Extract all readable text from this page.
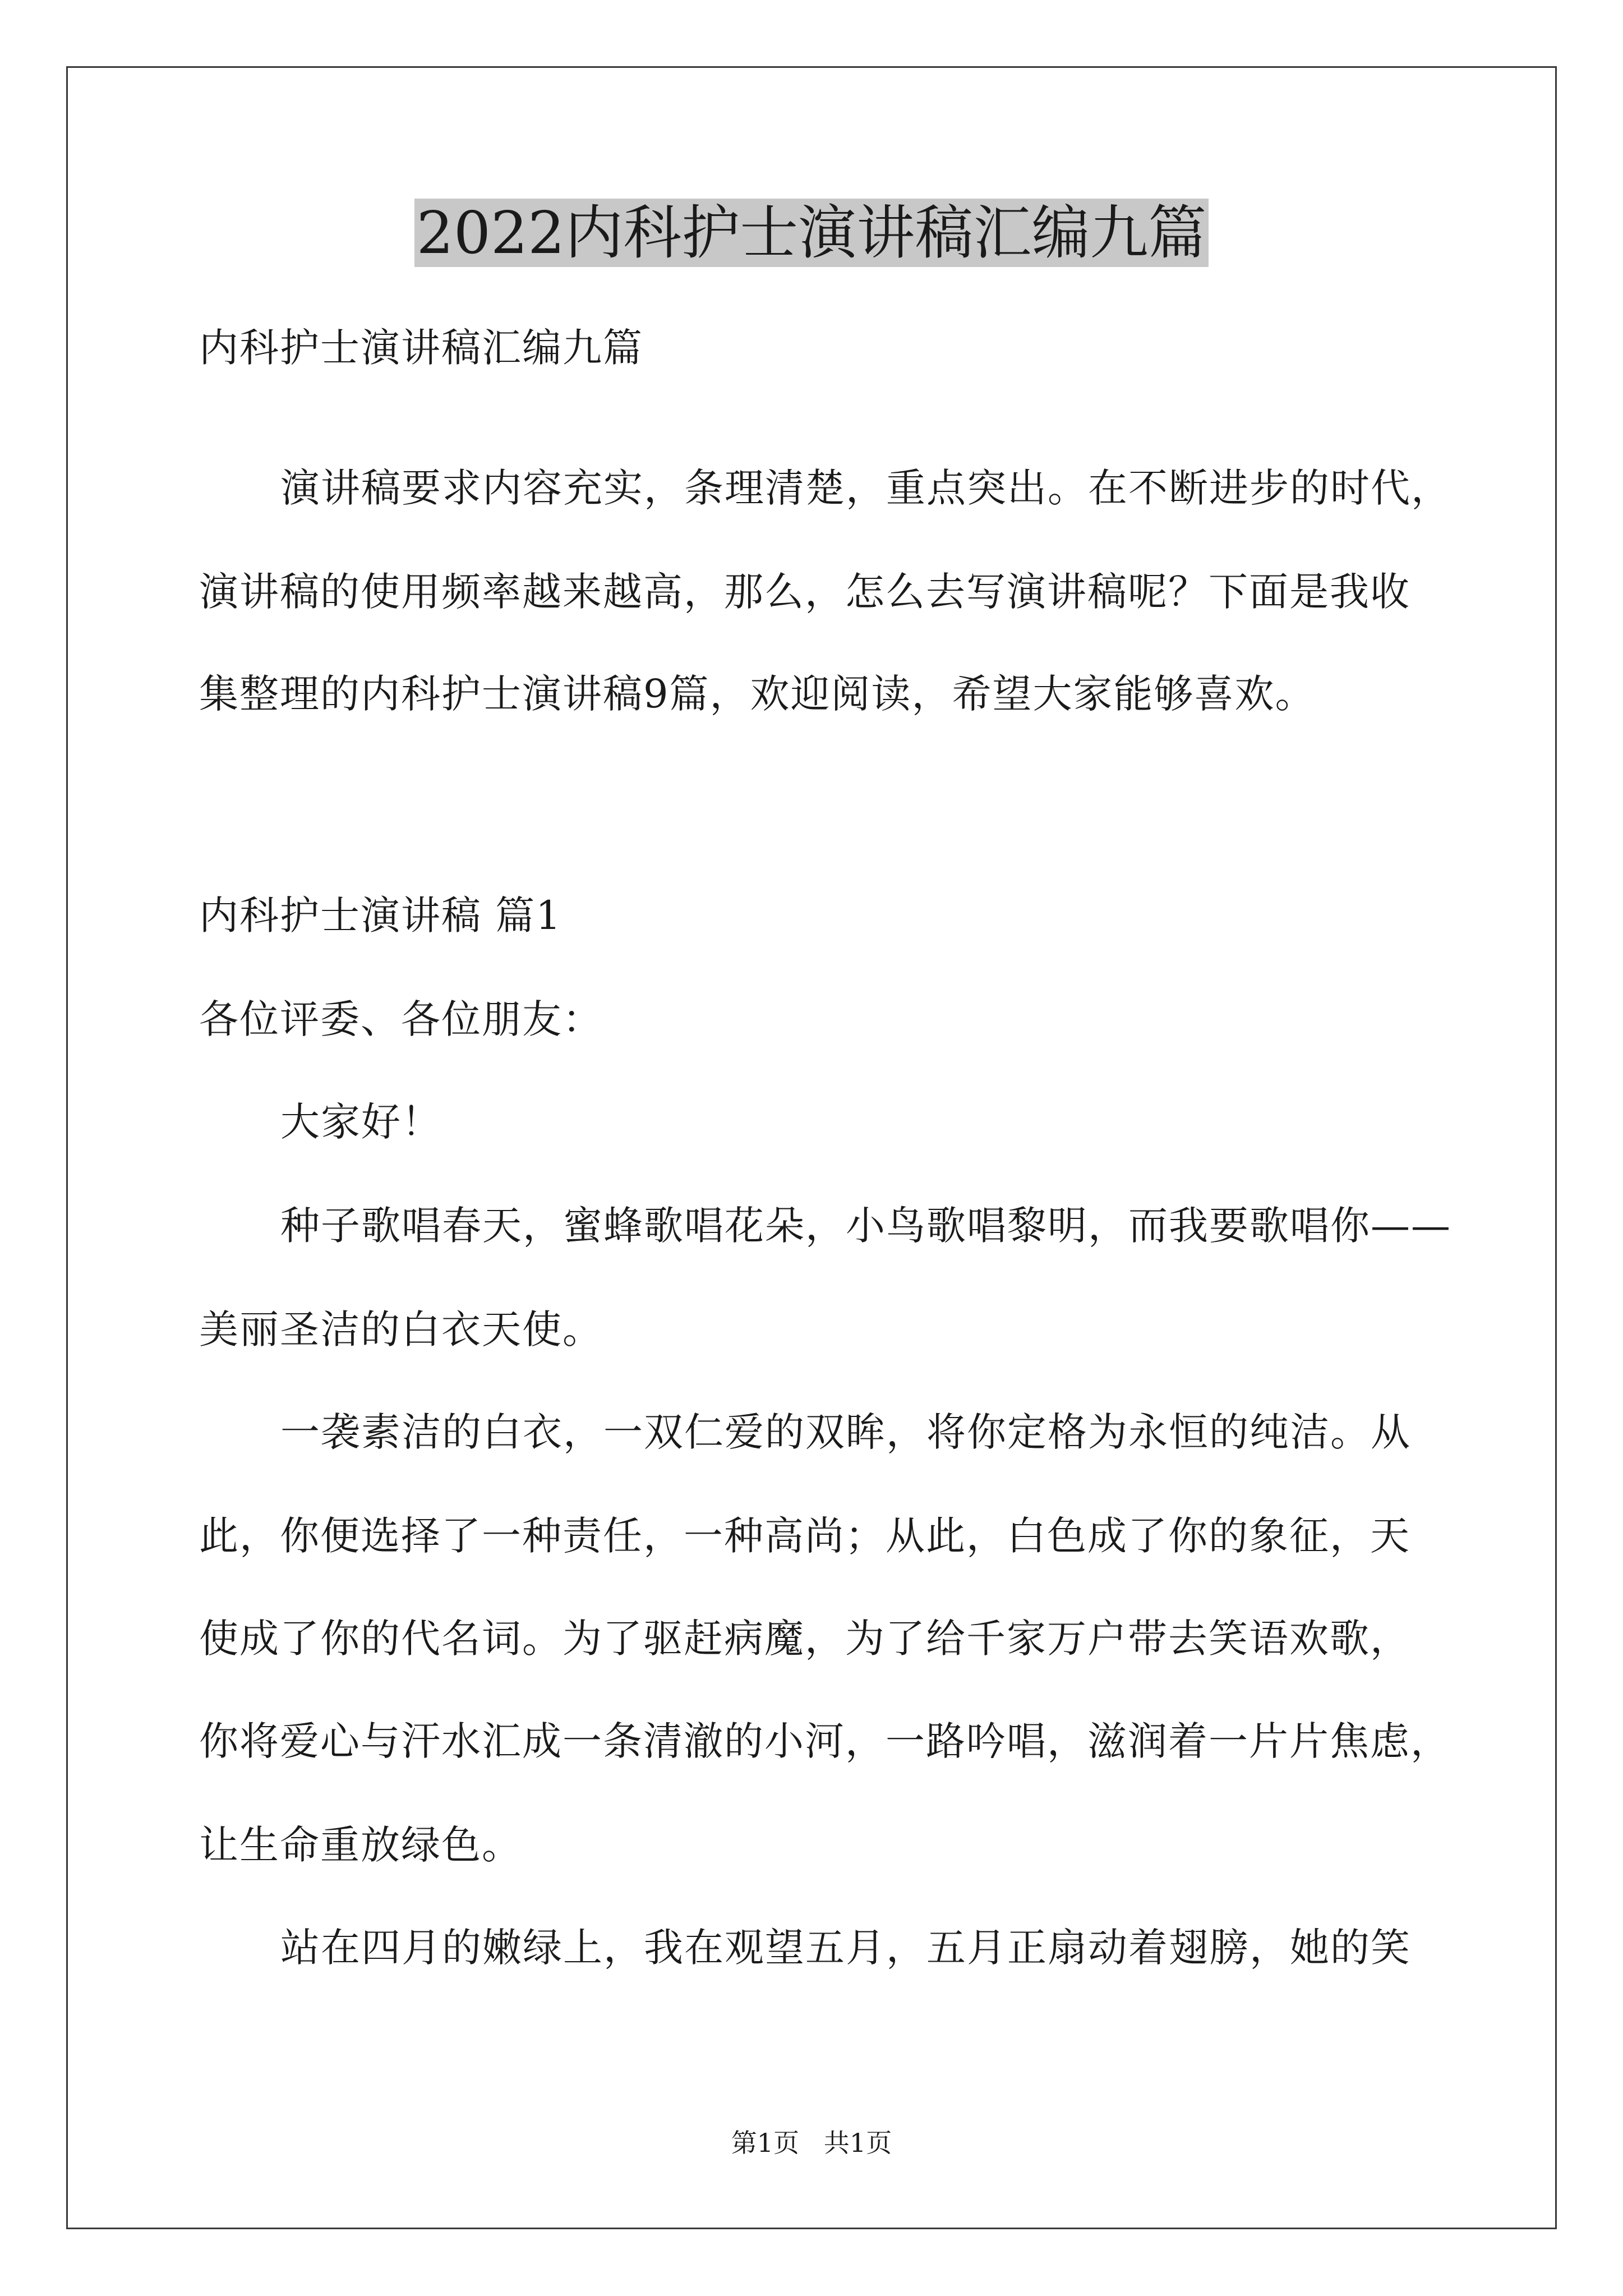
2022内科护士演讲稿汇编九篇
内科护士演讲稿汇编九篇
演讲稿要求内容充实，条理清楚，重点突出。在不断进步的时代，
演讲稿的使用频率越来越高，那么，怎么去写演讲稿呢？下面是我收
集整理的内科护士演讲稿9篇，欢迎阅读，希望大家能够喜欢。
内科护士演讲稿 篇1
各位评委、各位朋友：
大家好！
种子歌唱春天，蜜蜂歌唱花朵，小鸟歌唱黎明，而我要歌唱你——
美丽圣洁的白衣天使。
一袭素洁的白衣，一双仁爱的双眸，将你定格为永恒的纯洁。从
此，你便选择了一种责任，一种高尚；从此，白色成了你的象征，天
使成了你的代名词。为了驱赶病魔，为了给千家万户带去笑语欢歌，
你将爱心与汗水汇成一条清澈的小河，一路吟唱，滋润着一片片焦虑，
让生命重放绿色。
站在四月的嫩绿上，我在观望五月，五月正扇动着翅膀，她的笑
第1页   共1页
